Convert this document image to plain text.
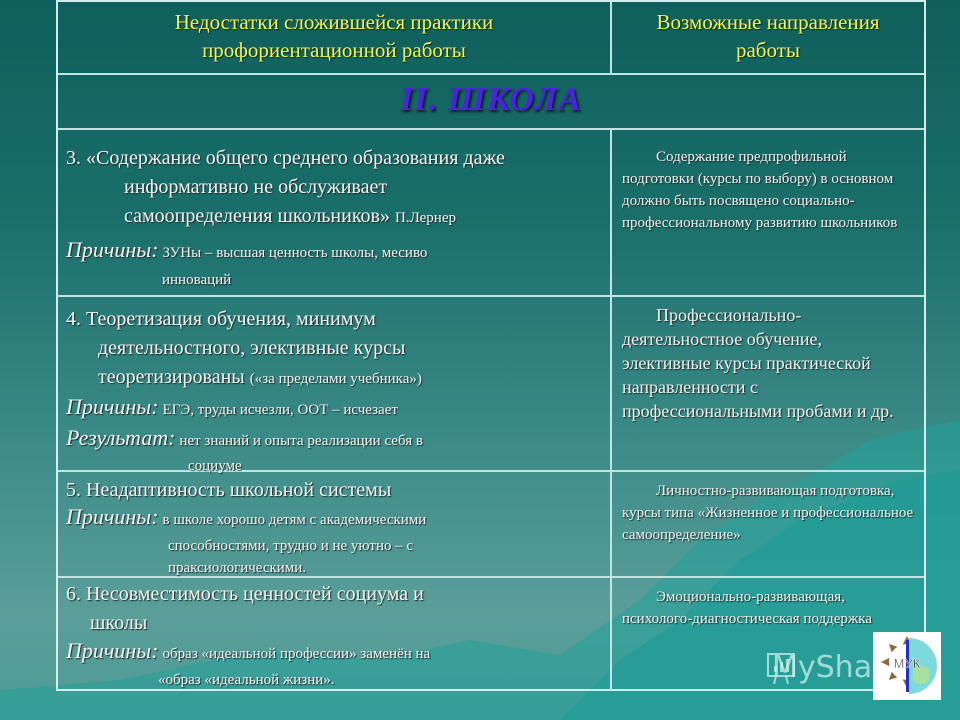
Недостатки сложившейся практики
профориентационной работы
Возможные направления
работы
II. ШКОЛА
3. «Содержание общего среднего образования даже
информативно не обслуживает
самоопределения школьников» П.Лернер
Причины: ЗУНы – высшая ценность школы, месиво
инноваций
Содержание предпрофильной подготовки (курсы по выбору) в основном должно быть посвящено социально-профессиональному развитию школьников
4. Теоретизация обучения, минимум
деятельностного, элективные курсы
теоретизированы («за пределами учебника»)
Причины: ЕГЭ, труды исчезли, ООТ – исчезает
Результат: нет знаний и опыта реализации себя в
социуме
Профессионально-деятельностное обучение, элективные курсы практической направленности с профессиональными пробами и др.
5. Неадаптивность школьной системы
Причины: в школе хорошо детям с академическими
способностями, трудно и не уютно – с
праксиологическими.
Личностно-развивающая подготовка, курсы типа «Жизненное и профессиональное самоопределение»
6. Несовместимость ценностей социума и
школы
Причины: образ «идеальной профессии» заменён на
«образ «идеальной жизни».
Эмоционально-развивающая, психолого-диагностическая поддержка
MySha МУК
